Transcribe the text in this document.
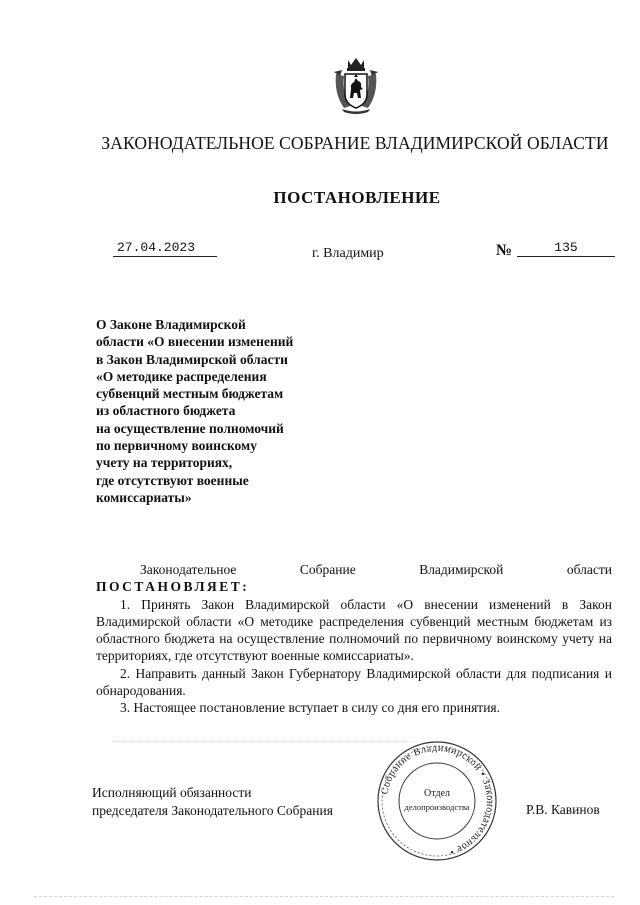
ЗАКОНОДАТЕЛЬНОЕ СОБРАНИЕ ВЛАДИМИРСКОЙ ОБЛАСТИ
ПОСТАНОВЛЕНИЕ
27.04.2023	г. Владимир	№	135
О Законе Владимирской
области «О внесении изменений
в Закон Владимирской области
«О методике распределения
субвенций местным бюджетам
из областного бюджета
на осуществление полномочий
по первичному воинскому
учету на территориях,
где отсутствуют военные
комиссариаты»
Законодательное	Собрание	Владимирской	области
ПОСТАНОВЛЯЕТ:

1. Принять Закон Владимирской области «О внесении изменений в Закон Владимирской области «О методике распределения субвенций местным бюджетам из областного бюджета на осуществление полномочий по первичному воинскому учету на территориях, где отсутствуют военные комиссариаты».

2. Направить данный Закон Губернатору Владимирской области для подписания и обнародования.

3. Настоящее постановление вступает в силу со дня его принятия.

Исполняющий обязанности
председателя Законодательного Собрания	Р.В. Кавинов
Собрание Владимирской • Законодательное •
Отдел
делопроизводства
